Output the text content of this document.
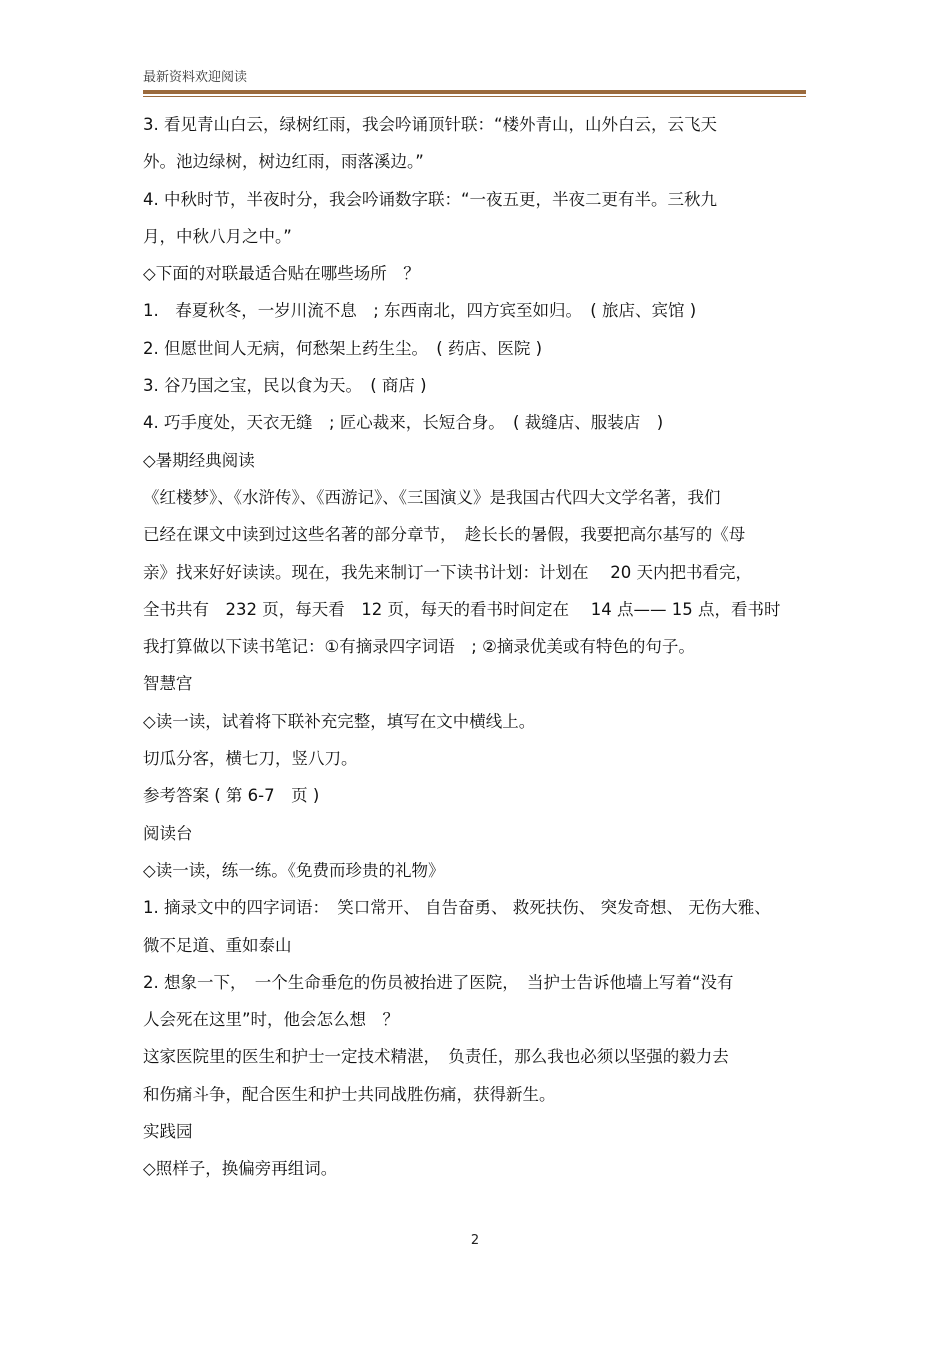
最新资料欢迎阅读
3. 看见青山白云，绿树红雨，我会吟诵顶针联：“楼外青山，山外白云，云飞天
外。池边绿树，树边红雨，雨落溪边。”
4. 中秋时节，半夜时分，我会吟诵数字联：“一夜五更，半夜二更有半。三秋九
月，中秋八月之中。”
◇下面的对联最适合贴在哪些场所　？
1.　春夏秋冬，一岁川流不息　; 东西南北，四方宾至如归。　( 旅店、宾馆 )
2. 但愿世间人无病，何愁架上药生尘。　( 药店、医院 )
3. 谷乃国之宝，民以食为天。　( 商店 )
4. 巧手度处，天衣无缝　; 匠心裁来，长短合身。　( 裁缝店、服装店　)
◇暑期经典阅读
《红楼梦》、《水浒传》、《西游记》、《三国演义》是我国古代四大文学名著，我们
已经在课文中读到过这些名著的部分章节，　趁长长的暑假，我要把高尔基写的《母
亲》找来好好读读。现在，我先来制订一下读书计划：计划在　 20 天内把书看完，
全书共有　232 页，每天看　12 页，每天的看书时间定在　 14 点—— 15 点，看书时
我打算做以下读书笔记：①有摘录四字词语　; ②摘录优美或有特色的句子。
智慧宫
◇读一读，试着将下联补充完整，填写在文中横线上。
切瓜分客，横七刀，竖八刀。
参考答案 ( 第 6-7　页 )
阅读台
◇读一读，练一练。《免费而珍贵的礼物》
1. 摘录文中的四字词语：　笑口常开、 自告奋勇、 救死扶伤、 突发奇想、 无伤大雅、
微不足道、重如泰山
2. 想象一下，　一个生命垂危的伤员被抬进了医院，　当护士告诉他墙上写着“没有
人会死在这里”时，他会怎么想　？
这家医院里的医生和护士一定技术精湛，　负责任，那么我也必须以坚强的毅力去
和伤痛斗争，配合医生和护士共同战胜伤痛，获得新生。
实践园
◇照样子，换偏旁再组词。
2
